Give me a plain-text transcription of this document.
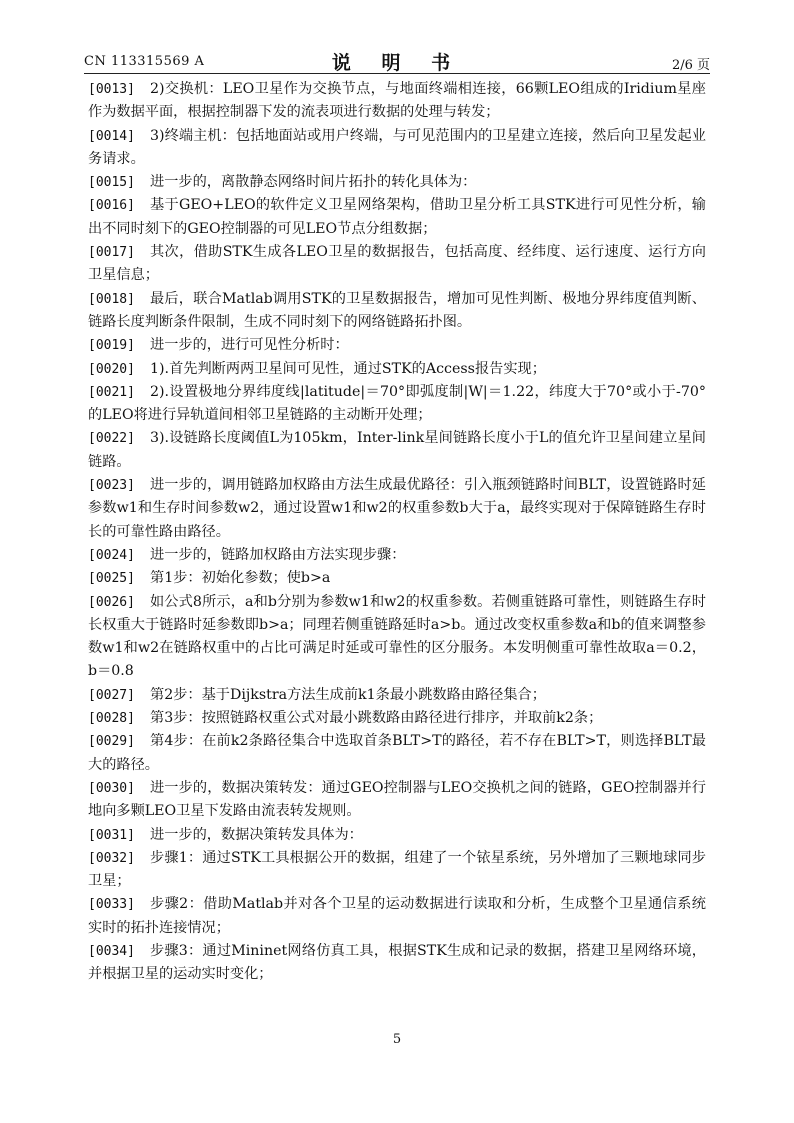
CN 113315569 A	说 明 书	2/6 页
[0013]	2)交换机：LEO卫星作为交换节点，与地面终端相连接，66颗LEO组成的Iridium星座作为数据平面，根据控制器下发的流表项进行数据的处理与转发；
[0014]	3)终端主机：包括地面站或用户终端，与可见范围内的卫星建立连接，然后向卫星发起业务请求。
[0015]	进一步的，离散静态网络时间片拓扑的转化具体为：
[0016]	基于GEO+LEO的软件定义卫星网络架构，借助卫星分析工具STK进行可见性分析，输出不同时刻下的GEO控制器的可见LEO节点分组数据；
[0017]	其次，借助STK生成各LEO卫星的数据报告，包括高度、经纬度、运行速度、运行方向卫星信息；
[0018]	最后，联合Matlab调用STK的卫星数据报告，增加可见性判断、极地分界纬度值判断、链路长度判断条件限制，生成不同时刻下的网络链路拓扑图。
[0019]	进一步的，进行可见性分析时：
[0020]	1).首先判断两两卫星间可见性，通过STK的Access报告实现；
[0021]	2).设置极地分界纬度线|latitude|＝70°即弧度制|W|＝1.22，纬度大于70°或小于-70°的LEO将进行异轨道间相邻卫星链路的主动断开处理；
[0022]	3).设链路长度阈值L为105km，Inter-link星间链路长度小于L的值允许卫星间建立星间链路。
[0023]	进一步的，调用链路加权路由方法生成最优路径：引入瓶颈链路时间BLT，设置链路时延参数w1和生存时间参数w2，通过设置w1和w2的权重参数b大于a，最终实现对于保障链路生存时长的可靠性路由路径。
[0024]	进一步的，链路加权路由方法实现步骤：
[0025]	第1步：初始化参数；使b>a
[0026]	如公式8所示，a和b分别为参数w1和w2的权重参数。若侧重链路可靠性，则链路生存时长权重大于链路时延参数即b>a；同理若侧重链路延时a>b。通过改变权重参数a和b的值来调整参数w1和w2在链路权重中的占比可满足时延或可靠性的区分服务。本发明侧重可靠性故取a＝0.2，b＝0.8
[0027]	第2步：基于Dijkstra方法生成前k1条最小跳数路由路径集合；
[0028]	第3步：按照链路权重公式对最小跳数路由路径进行排序，并取前k2条；
[0029]	第4步：在前k2条路径集合中选取首条BLT>T的路径，若不存在BLT>T，则选择BLT最大的路径。
[0030]	进一步的，数据决策转发：通过GEO控制器与LEO交换机之间的链路，GEO控制器并行地向多颗LEO卫星下发路由流表转发规则。
[0031]	进一步的，数据决策转发具体为：
[0032]	步骤1：通过STK工具根据公开的数据，组建了一个铱星系统，另外增加了三颗地球同步卫星；
[0033]	步骤2：借助Matlab并对各个卫星的运动数据进行读取和分析，生成整个卫星通信系统实时的拓扑连接情况；
[0034]	步骤3：通过Mininet网络仿真工具，根据STK生成和记录的数据，搭建卫星网络环境，并根据卫星的运动实时变化；
5
